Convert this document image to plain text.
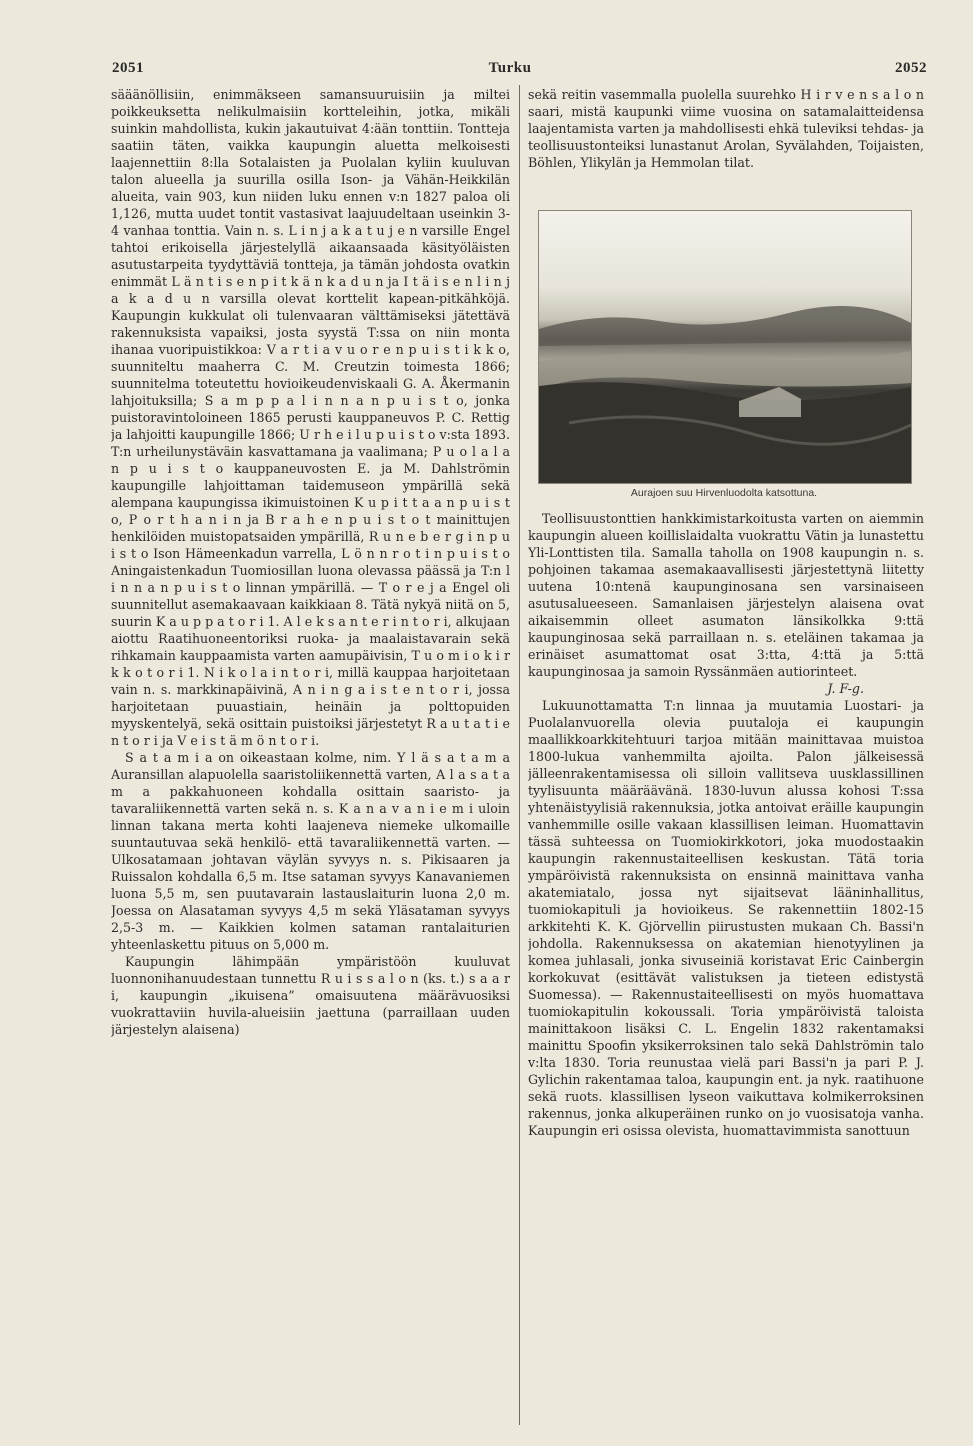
2051	Turku	2052

sääänöllisiin, enimmäkseen samansuuruisiin ja miltei poikkeuksetta nelikulmaisiin kortteleihin, jotka, mikäli suinkin mahdollista, kukin jakautuivat 4:ään tonttiin. Tontteja saatiin täten, vaikka kaupungin aluetta melkoisesti laajennettiin 8:lla Sotalaisten ja Puolalan kyliin kuuluvan talon alueella ja suurilla osilla Ison- ja Vähän-Heikkilän alueita, vain 903, kun niiden luku ennen v:n 1827 paloa oli 1,126, mutta uudet tontit vastasivat laajuudeltaan useinkin 3-4 vanhaa tonttia. Vain n. s. L i n j a k a t u j e n varsille Engel tahtoi erikoisella järjestelyllä aikaansaada käsityöläisten asutustarpeita tyydyttäviä tontteja, ja tämän johdosta ovatkin enimmät L ä n t i s e n p i t k ä n k a d u n ja I t ä i s e n l i n j a k a d u n varsilla olevat korttelit kapean-pitkähköjä. Kaupungin kukkulat oli tulenvaaran välttämiseksi jätettävä rakennuksista vapaiksi, josta syystä T:ssa on niin monta ihanaa vuoripuistikkoa: V a r t i a v u o r e n p u i s t i k k o, suunniteltu maaherra C. M. Creutzin toimesta 1866; suunnitelma toteutettu hovioikeudenviskaali G. A. Åkermanin lahjoituksilla; S a m p p a l i n n a n p u i s t o, jonka puistoravintoloineen 1865 perusti kauppaneuvos P. C. Rettig ja lahjoitti kaupungille 1866; U r h e i l u p u i s t o v:sta 1893. T:n urheilunystäväin kasvattamana ja vaalimana; P u o l a l a n p u i s t o kauppaneuvosten E. ja M. Dahlströmin kaupungille lahjoittaman taidemuseon ympärillä sekä alempana kaupungissa ikimuistoinen K u p i t t a a n p u i s t o, P o r t h a n i n ja B r a h e n p u i s t o t mainittujen henkilöiden muistopatsaiden ympärillä, R u n e b e r g i n p u i s t o Ison Hämeenkadun varrella, L ö n n r o t i n p u i s t o Aningaistenkadun Tuomiosillan luona olevassa päässä ja T:n l i n n a n p u i s t o linnan ympärillä. — T o r e j a Engel oli suunnitellut asemakaavaan kaikkiaan 8. Tätä nykyä niitä on 5, suurin K a u p p a t o r i 1. A l e k s a n t e r i n t o r i, alkujaan aiottu Raatihuoneentoriksi ruoka- ja maalaistavarain sekä rihkamain kauppaamista varten aamupäivisin, T u o m i o k i r k k o t o r i 1. N i k o l a i n t o r i, millä kauppaa harjoitetaan vain n. s. markkinapäivinä, A n i n g a i s t e n t o r i, jossa harjoitetaan puuastiain, heinäin ja polttopuiden myyskentelyä, sekä osittain puistoiksi järjestetyt R a u t a t i e n t o r i ja V e i s t ä m ö n t o r i.

S a t a m i a on oikeastaan kolme, nim. Y l ä s a t a m a Auransillan alapuolella saaristoliikennettä varten, A l a s a t a m a pakkahuoneen kohdalla osittain saaristo- ja tavaraliikennettä varten sekä n. s. K a n a v a n i e m i uloin linnan takana merta kohti laajeneva niemeke ulkomaille suuntautuvaa sekä henkilö- että tavaraliikennettä varten. — Ulkosatamaan johtavan väylän syvyys n. s. Pikisaaren ja Ruissalon kohdalla 6,5 m. Itse sataman syvyys Kanavaniemen luona 5,5 m, sen puutavarain lastauslaiturin luona 2,0 m. Joessa on Alasataman syvyys 4,5 m sekä Yläsataman syvyys 2,5-3 m. — Kaikkien kolmen sataman rantalaiturien yhteenlaskettu pituus on 5,000 m.

Kaupungin lähimpään ympäristöön kuuluvat luonnonihanuudestaan tunnettu R u i s s a l o n (ks. t.) s a a r i, kaupungin „ikuisena” omaisuutena määrävuosiksi vuokrattaviin huvila-alueisiin jaettuna (parraillaan uuden järjestelyn alaisena)

sekä reitin vasemmalla puolella suurehko H i r v e n s a l o n saari, mistä kaupunki viime vuosina on satamalaitteidensa laajentamista varten ja mahdollisesti ehkä tuleviksi tehdas- ja teollisuustonteiksi lunastanut Arolan, Syvälahden, Toijaisten, Böhlen, Ylikylän ja Hemmolan tilat.

Aurajoen suu Hirvenluodolta katsottuna.

Teollisuustonttien hankkimistarkoitusta varten on aiemmin kaupungin alueen koillislaidalta vuokrattu Vätin ja lunastettu Yli-Lonttisten tila. Samalla taholla on 1908 kaupungin n. s. pohjoinen takamaa asemakaavallisesti järjestettynä liitetty uutena 10:ntenä kaupunginosana sen varsinaiseen asutusalueeseen. Samanlaisen järjestelyn alaisena ovat aikaisemmin olleet asumaton länsikolkka 9:ttä kaupunginosaa sekä parraillaan n. s. eteläinen takamaa ja erinäiset asumattomat osat 3:tta, 4:ttä ja 5:ttä kaupunginosaa ja samoin Ryssänmäen autiorinteet.

J. F-g.

Lukuunottamatta T:n linnaa ja muutamia Luostari- ja Puolalanvuorella olevia puutaloja ei kaupungin maallikkoarkkitehtuuri tarjoa mitään mainittavaa muistoa 1800-lukua vanhemmilta ajoilta. Palon jälkeisessä jälleenrakentamisessa oli silloin vallitseva uusklassillinen tyylisuunta määräävänä. 1830-luvun alussa kohosi T:ssa yhtenäistyylisiä rakennuksia, jotka antoivat eräille kaupungin vanhemmille osille vakaan klassillisen leiman. Huomattavin tässä suhteessa on Tuomiokirkkotori, joka muodostaakin kaupungin rakennustaiteellisen keskustan. Tätä toria ympäröivistä rakennuksista on ensinnä mainittava vanha akatemiatalo, jossa nyt sijaitsevat lääninhallitus, tuomiokapituli ja hovioikeus. Se rakennettiin 1802-15 arkkitehti K. K. Gjörvellin piirustusten mukaan Ch. Bassi'n johdolla. Rakennuksessa on akatemian hienotyylinen ja komea juhlasali, jonka sivuseiniä koristavat Eric Cainbergin korkokuvat (esittävät valistuksen ja tieteen edistystä Suomessa). — Rakennustaiteellisesti on myös huomattava tuomiokapitulin kokoussali. Toria ympäröivistä taloista mainittakoon lisäksi C. L. Engelin 1832 rakentamaksi mainittu Spoofin yksikerroksinen talo sekä Dahlströmin talo v:lta 1830. Toria reunustaa vielä pari Bassi'n ja pari P. J. Gylichin rakentamaa taloa, kaupungin ent. ja nyk. raatihuone sekä ruots. klassillisen lyseon vaikuttava kolmikerroksinen rakennus, jonka alkuperäinen runko on jo vuosisatoja vanha. Kaupungin eri osissa olevista, huomattavimmista sanottuun
